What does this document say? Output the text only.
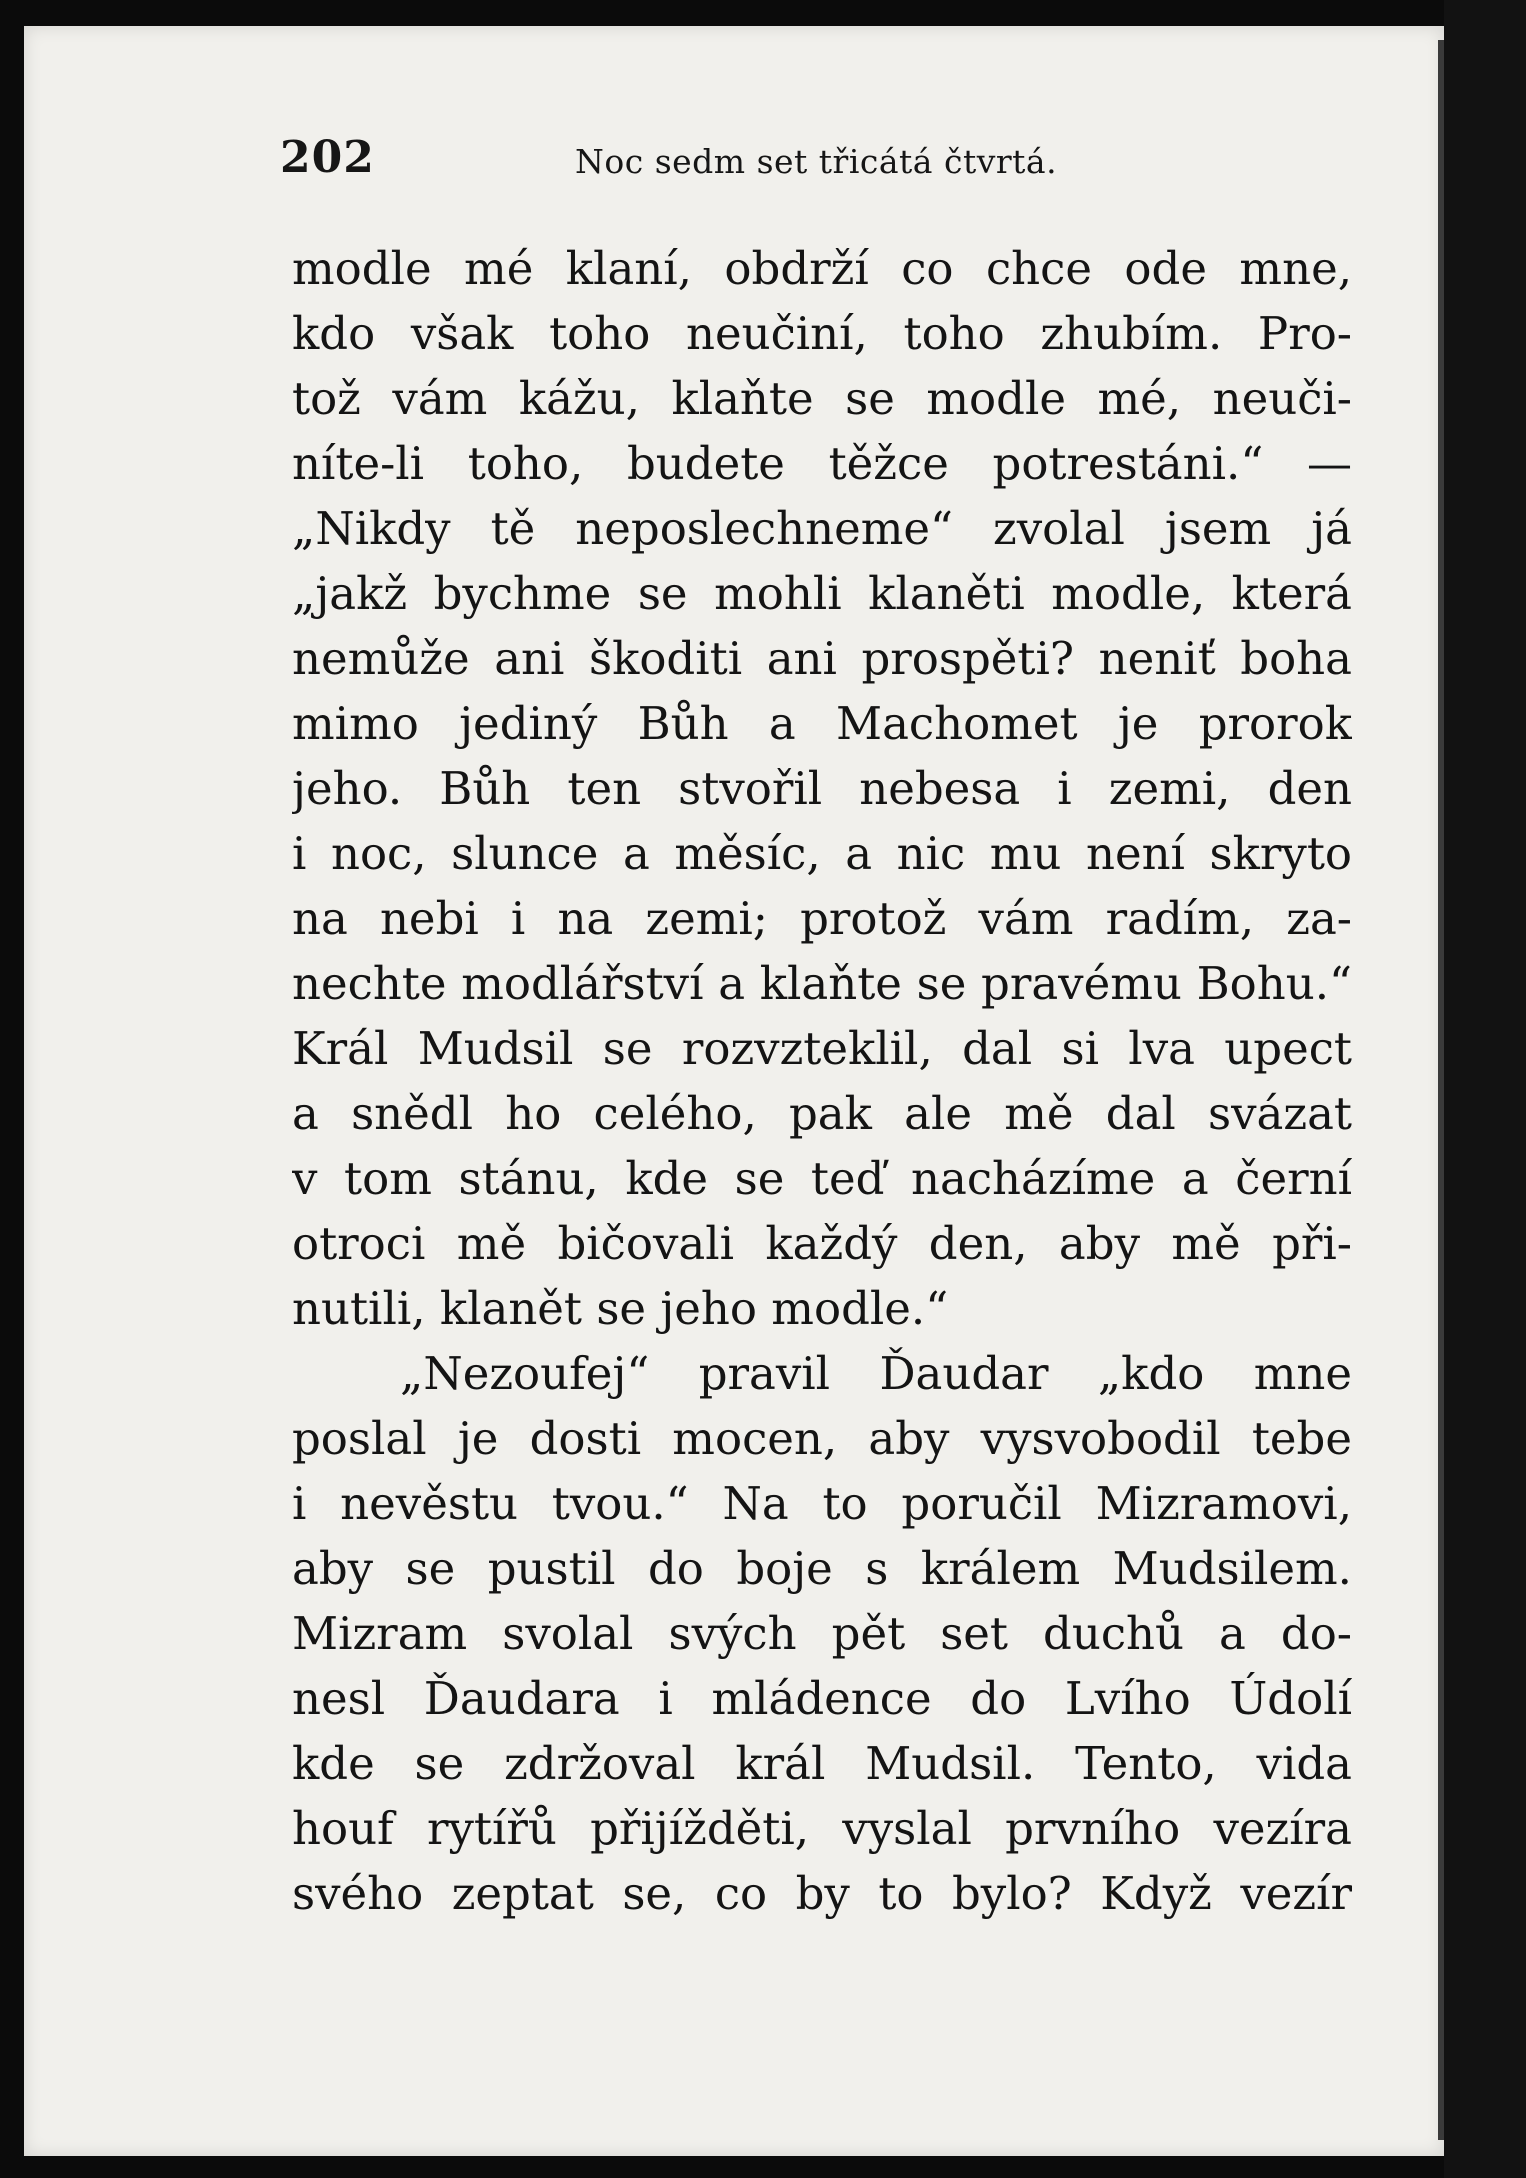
202	Noc sedm set třicátá čtvrtá.
modle mé klaní, obdrží co chce ode mne,
kdo však toho neučiní, toho zhubím. Pro-
tož vám kážu, klaňte se modle mé, neuči-
níte-li toho, budete těžce potrestáni.“ —
„Nikdy tě neposlechneme“ zvolal jsem já
„jakž bychme se mohli klaněti modle, která
nemůže ani škoditi ani prospěti? neniť boha
mimo jediný Bůh a Machomet je prorok
jeho. Bůh ten stvořil nebesa i zemi, den
i noc, slunce a měsíc, a nic mu není skryto
na nebi i na zemi; protož vám radím, za-
nechte modlářství a klaňte se pravému Bohu.“
Král Mudsil se rozvzteklil, dal si lva upect
a snědl ho celého, pak ale mě dal svázat
v tom stánu, kde se teď nacházíme a černí
otroci mě bičovali každý den, aby mě při-
nutili, klanět se jeho modle.“
„Nezoufej“ pravil Ďaudar „kdo mne
poslal je dosti mocen, aby vysvobodil tebe
i nevěstu tvou.“ Na to poručil Mizramovi,
aby se pustil do boje s králem Mudsilem.
Mizram svolal svých pět set duchů a do-
nesl Ďaudara i mládence do Lvího Údolí
kde se zdržoval král Mudsil. Tento, vida
houf rytířů přijížděti, vyslal prvního vezíra
svého zeptat se, co by to bylo? Když vezír
